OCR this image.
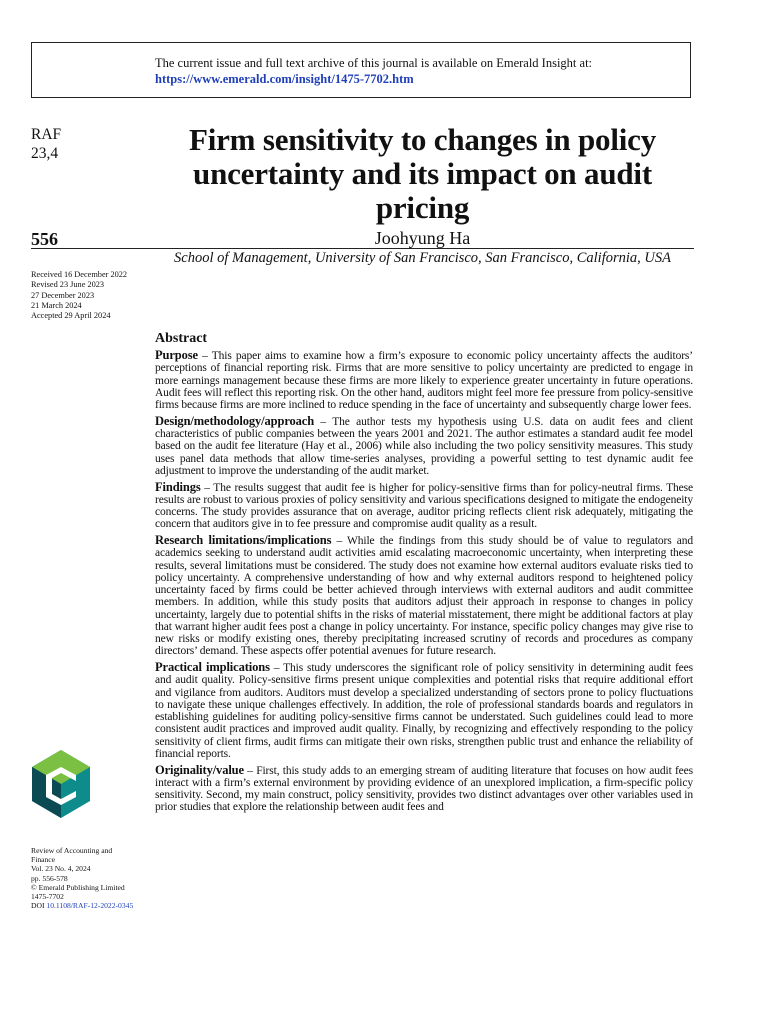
The current issue and full text archive of this journal is available on Emerald Insight at:
https://www.emerald.com/insight/1475-7702.htm
RAF
23,4	Firm sensitivity to changes in policy uncertainty and its impact on audit pricing
556	Joohyung Ha
School of Management, University of San Francisco, San Francisco, California, USA
Received 16 December 2022
Revised 23 June 2023
27 December 2023
21 March 2024
Accepted 29 April 2024
Abstract

Purpose – This paper aims to examine how a firm’s exposure to economic policy uncertainty affects the auditors’ perceptions of financial reporting risk. Firms that are more sensitive to policy uncertainty are predicted to engage in more earnings management because these firms are more likely to experience greater uncertainty in future operations. Audit fees will reflect this reporting risk. On the other hand, auditors might feel more fee pressure from policy-sensitive firms because firms are more inclined to reduce spending in the face of uncertainty and subsequently charge lower fees.

Design/methodology/approach – The author tests my hypothesis using U.S. data on audit fees and client characteristics of public companies between the years 2001 and 2021. The author estimates a standard audit fee model based on the audit fee literature (Hay et al., 2006) while also including the two policy sensitivity measures. This study uses panel data methods that allow time-series analyses, providing a powerful setting to test dynamic audit fee adjustment to improve the understanding of the audit market.

Findings – The results suggest that audit fee is higher for policy-sensitive firms than for policy-neutral firms. These results are robust to various proxies of policy sensitivity and various specifications designed to mitigate the endogeneity concerns. The study provides assurance that on average, auditor pricing reflects client risk adequately, mitigating the concern that auditors give in to fee pressure and compromise audit quality as a result.

Research limitations/implications – While the findings from this study should be of value to regulators and academics seeking to understand audit activities amid escalating macroeconomic uncertainty, when interpreting these results, several limitations must be considered. The study does not examine how external auditors evaluate risks tied to policy uncertainty. A comprehensive understanding of how and why external auditors respond to heightened policy uncertainty faced by firms could be better achieved through interviews with external auditors and audit committee members. In addition, while this study posits that auditors adjust their approach in response to changes in policy uncertainty, largely due to potential shifts in the risks of material misstatement, there might be additional factors at play that warrant higher audit fees post a change in policy uncertainty. For instance, specific policy changes may give rise to new risks or modify existing ones, thereby precipitating increased scrutiny of records and procedures as company directors’ demand. These aspects offer potential avenues for future research.

Practical implications – This study underscores the significant role of policy sensitivity in determining audit fees and audit quality. Policy-sensitive firms present unique complexities and potential risks that require additional effort and vigilance from auditors. Auditors must develop a specialized understanding of sectors prone to policy fluctuations to navigate these unique challenges effectively. In addition, the role of professional standards boards and regulators in establishing guidelines for auditing policy-sensitive firms cannot be understated. Such guidelines could lead to more consistent audit practices and improved audit quality. Finally, by recognizing and effectively responding to the policy sensitivity of client firms, audit firms can mitigate their own risks, strengthen public trust and enhance the reliability of financial reports.

Originality/value – First, this study adds to an emerging stream of auditing literature that focuses on how audit fees interact with a firm’s external environment by providing evidence of an unexplored implication, a firm-specific policy sensitivity. Second, my main construct, policy sensitivity, provides two distinct advantages over other variables used in prior studies that explore the relationship between audit fees and

Review of Accounting and Finance
Vol. 23 No. 4, 2024
pp. 556-578
© Emerald Publishing Limited
1475-7702
DOI 10.1108/RAF-12-2022-0345
